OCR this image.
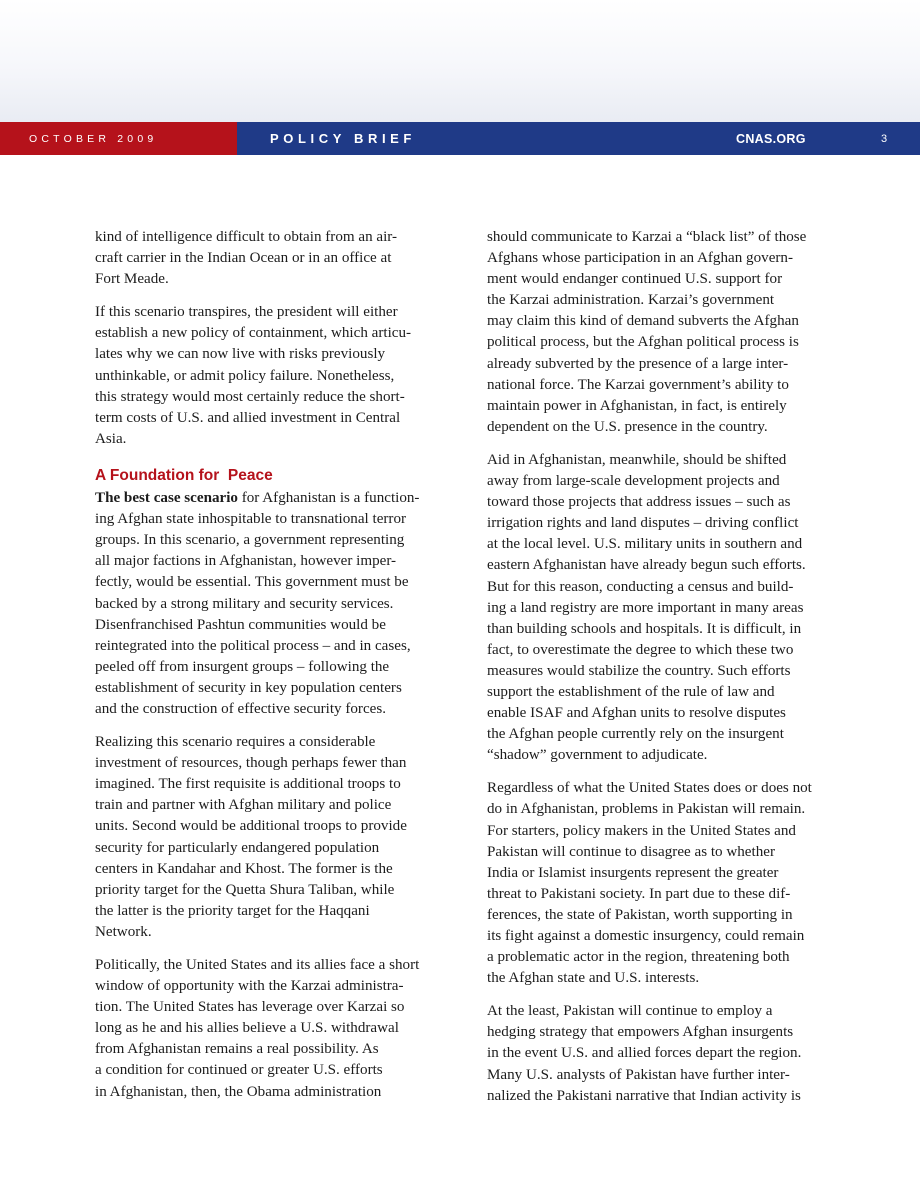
OCTOBER 2009	POLICY BRIEF	CNAS.ORG	3

kind of intelligence difficult to obtain from an air-
craft carrier in the Indian Ocean or in an office at
Fort Meade.

If this scenario transpires, the president will either
establish a new policy of containment, which articu-
lates why we can now live with risks previously
unthinkable, or admit policy failure. Nonetheless,
this strategy would most certainly reduce the short-
term costs of U.S. and allied investment in Central
Asia.

A Foundation for  Peace

The best case scenario for Afghanistan is a function-
ing Afghan state inhospitable to transnational terror
groups. In this scenario, a government representing
all major factions in Afghanistan, however imper-
fectly, would be essential. This government must be
backed by a strong military and security services.
Disenfranchised Pashtun communities would be
reintegrated into the political process – and in cases,
peeled off from insurgent groups – following the
establishment of security in key population centers
and the construction of effective security forces.

Realizing this scenario requires a considerable
investment of resources, though perhaps fewer than
imagined. The first requisite is additional troops to
train and partner with Afghan military and police
units. Second would be additional troops to provide
security for particularly endangered population
centers in Kandahar and Khost. The former is the
priority target for the Quetta Shura Taliban, while
the latter is the priority target for the Haqqani
Network.

Politically, the United States and its allies face a short
window of opportunity with the Karzai administra-
tion. The United States has leverage over Karzai so
long as he and his allies believe a U.S. withdrawal
from Afghanistan remains a real possibility. As
a condition for continued or greater U.S. efforts
in Afghanistan, then, the Obama administration

should communicate to Karzai a “black list” of those
Afghans whose participation in an Afghan govern-
ment would endanger continued U.S. support for
the Karzai administration. Karzai’s government
may claim this kind of demand subverts the Afghan
political process, but the Afghan political process is
already subverted by the presence of a large inter-
national force. The Karzai government’s ability to
maintain power in Afghanistan, in fact, is entirely
dependent on the U.S. presence in the country.

Aid in Afghanistan, meanwhile, should be shifted
away from large-scale development projects and
toward those projects that address issues – such as
irrigation rights and land disputes – driving conflict
at the local level. U.S. military units in southern and
eastern Afghanistan have already begun such efforts.
But for this reason, conducting a census and build-
ing a land registry are more important in many areas
than building schools and hospitals. It is difficult, in
fact, to overestimate the degree to which these two
measures would stabilize the country. Such efforts
support the establishment of the rule of law and
enable ISAF and Afghan units to resolve disputes
the Afghan people currently rely on the insurgent
“shadow” government to adjudicate.

Regardless of what the United States does or does not
do in Afghanistan, problems in Pakistan will remain.
For starters, policy makers in the United States and
Pakistan will continue to disagree as to whether
India or Islamist insurgents represent the greater
threat to Pakistani society. In part due to these dif-
ferences, the state of Pakistan, worth supporting in
its fight against a domestic insurgency, could remain
a problematic actor in the region, threatening both
the Afghan state and U.S. interests.

At the least, Pakistan will continue to employ a
hedging strategy that empowers Afghan insurgents
in the event U.S. and allied forces depart the region.
Many U.S. analysts of Pakistan have further inter-
nalized the Pakistani narrative that Indian activity is
